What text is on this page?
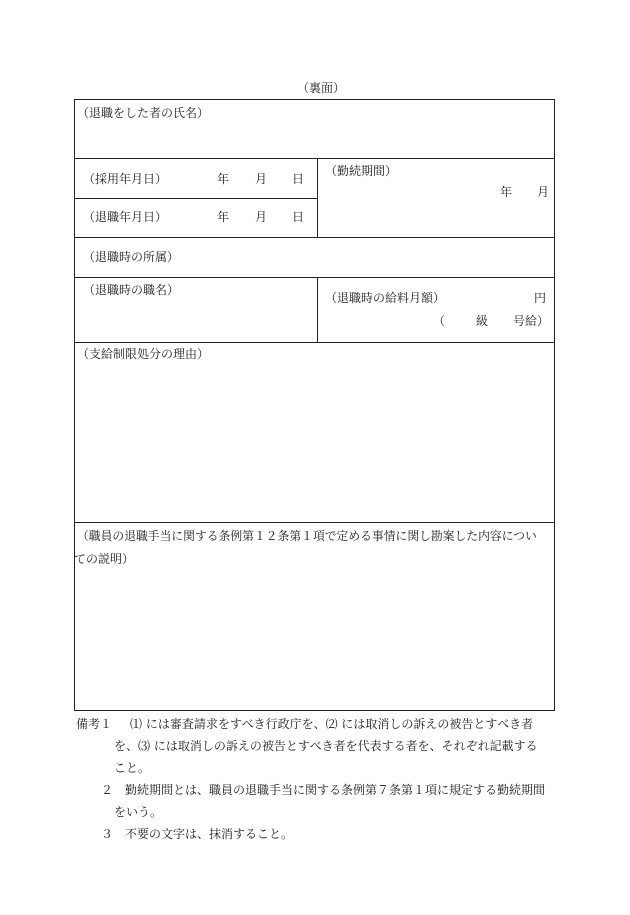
（裏面）
（退職をした者の氏名）
（採用年月日）	年 月 日
（退職年月日）	年 月 日
（勤続期間）
年 月
（退職時の所属）
（退職時の職名）
（退職時の給料月額）	円
（	級 号給）
（支給制限処分の理由）
（職員の退職手当に関する条例第１２条第１項で定める事情に関し勘案した内容につい
ての説明）
備考１ ⑴ には審査請求をすべき行政庁を、⑵ には取消しの訴えの被告とすべき者
を、⑶ には取消しの訴えの被告とすべき者を代表する者を、それぞれ記載する
こと。
２ 勤続期間とは、職員の退職手当に関する条例第７条第１項に規定する勤続期間
をいう。
３ 不要の文字は、抹消すること。
